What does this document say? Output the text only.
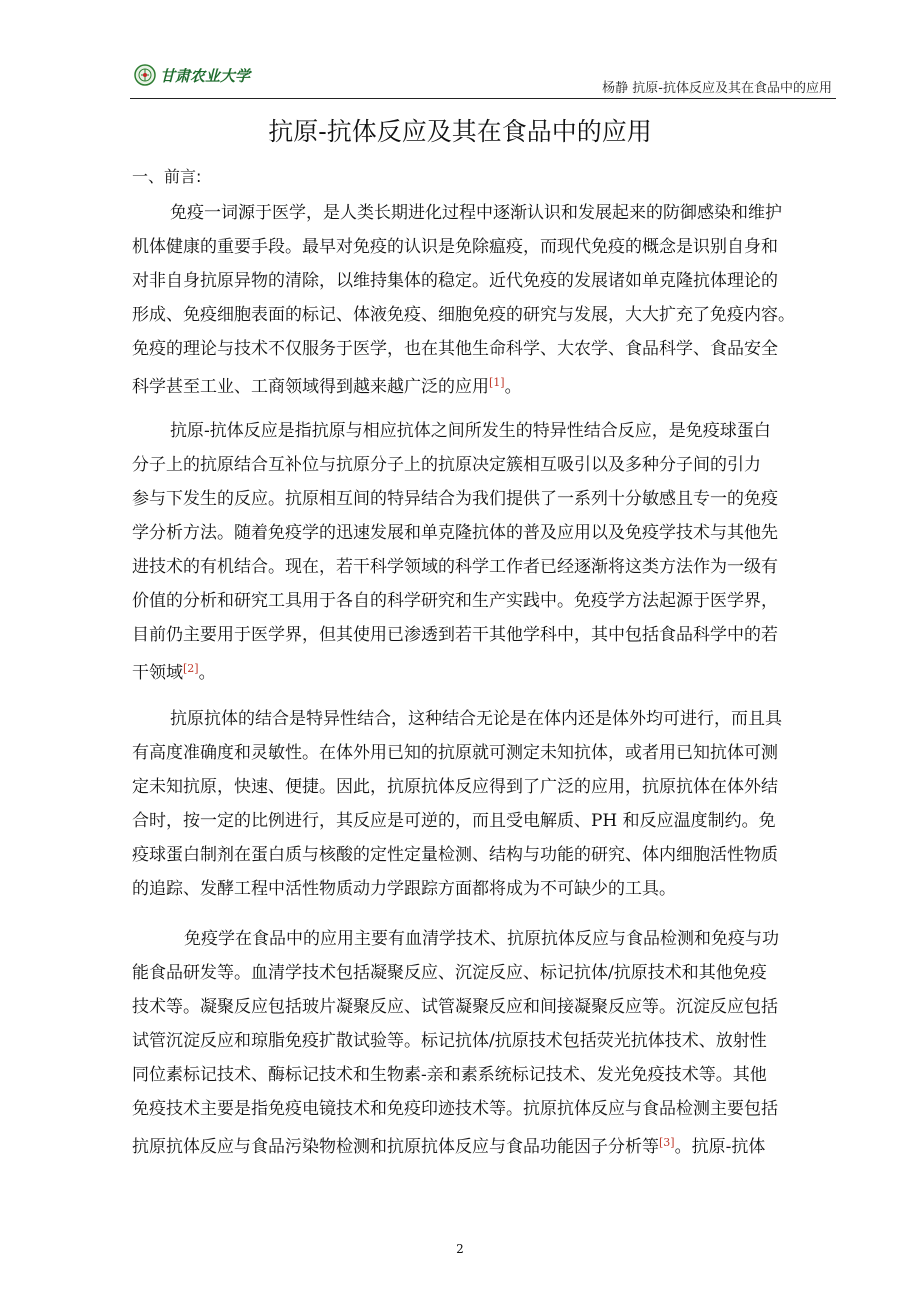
甘肃农业大学
杨静 抗原-抗体反应及其在食品中的应用
抗原-抗体反应及其在食品中的应用
一、前言:
免疫一词源于医学，是人类长期进化过程中逐渐认识和发展起来的防御感染和维护
机体健康的重要手段。最早对免疫的认识是免除瘟疫，而现代免疫的概念是识别自身和
对非自身抗原异物的清除，以维持集体的稳定。近代免疫的发展诸如单克隆抗体理论的
形成、免疫细胞表面的标记、体液免疫、细胞免疫的研究与发展，大大扩充了免疫内容。
免疫的理论与技术不仅服务于医学，也在其他生命科学、大农学、食品科学、食品安全
科学甚至工业、工商领域得到越来越广泛的应用[1]。
抗原-抗体反应是指抗原与相应抗体之间所发生的特异性结合反应，是免疫球蛋白
分子上的抗原结合互补位与抗原分子上的抗原决定簇相互吸引以及多种分子间的引力
参与下发生的反应。抗原相互间的特异结合为我们提供了一系列十分敏感且专一的免疫
学分析方法。随着免疫学的迅速发展和单克隆抗体的普及应用以及免疫学技术与其他先
进技术的有机结合。现在，若干科学领域的科学工作者已经逐渐将这类方法作为一级有
价值的分析和研究工具用于各自的科学研究和生产实践中。免疫学方法起源于医学界，
目前仍主要用于医学界，但其使用已渗透到若干其他学科中，其中包括食品科学中的若
干领域[2]。
抗原抗体的结合是特异性结合，这种结合无论是在体内还是体外均可进行，而且具
有高度准确度和灵敏性。在体外用已知的抗原就可测定未知抗体，或者用已知抗体可测
定未知抗原，快速、便捷。因此，抗原抗体反应得到了广泛的应用，抗原抗体在体外结
合时，按一定的比例进行，其反应是可逆的，而且受电解质、PH 和反应温度制约。免
疫球蛋白制剂在蛋白质与核酸的定性定量检测、结构与功能的研究、体内细胞活性物质
的追踪、发酵工程中活性物质动力学跟踪方面都将成为不可缺少的工具。
免疫学在食品中的应用主要有血清学技术、抗原抗体反应与食品检测和免疫与功
能食品研发等。血清学技术包括凝聚反应、沉淀反应、标记抗体/抗原技术和其他免疫
技术等。凝聚反应包括玻片凝聚反应、试管凝聚反应和间接凝聚反应等。沉淀反应包括
试管沉淀反应和琼脂免疫扩散试验等。标记抗体/抗原技术包括荧光抗体技术、放射性
同位素标记技术、酶标记技术和生物素-亲和素系统标记技术、发光免疫技术等。其他
免疫技术主要是指免疫电镜技术和免疫印迹技术等。抗原抗体反应与食品检测主要包括
抗原抗体反应与食品污染物检测和抗原抗体反应与食品功能因子分析等[3]。抗原-抗体
2
